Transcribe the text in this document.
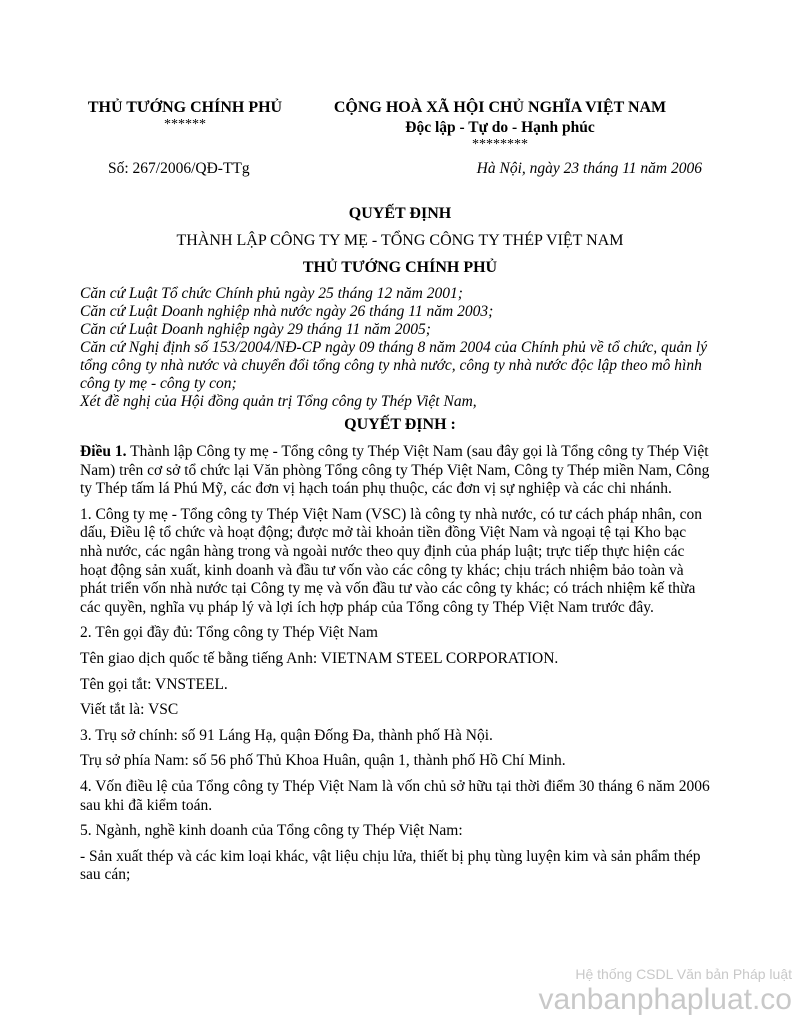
THỦ TƯỚNG CHÍNH PHỦ
******
CỘNG HOÀ XÃ HỘI CHỦ NGHĨA VIỆT NAM
Độc lập - Tự do - Hạnh phúc
********
Số: 267/2006/QĐ-TTg	Hà Nội, ngày 23 tháng 11 năm 2006
QUYẾT ĐỊNH
THÀNH LẬP CÔNG TY MẸ - TỔNG CÔNG TY THÉP VIỆT NAM
THỦ TƯỚNG CHÍNH PHỦ
Căn cứ Luật Tổ chức Chính phủ ngày 25 tháng 12 năm 2001;
Căn cứ Luật Doanh nghiệp nhà nước ngày 26 tháng 11 năm 2003;
Căn cứ Luật Doanh nghiệp ngày 29 tháng 11 năm 2005;
Căn cứ Nghị định số 153/2004/NĐ-CP ngày 09 tháng 8 năm 2004 của Chính phủ về tổ chức, quản lý tổng công ty nhà nước và chuyển đổi tổng công ty nhà nước, công ty nhà nước độc lập theo mô hình công ty mẹ - công ty con;
Xét đề nghị của Hội đồng quản trị Tổng công ty Thép Việt Nam,
QUYẾT ĐỊNH :

Điều 1. Thành lập Công ty mẹ - Tổng công ty Thép Việt Nam (sau đây gọi là Tổng công ty Thép Việt Nam) trên cơ sở tổ chức lại Văn phòng Tổng công ty Thép Việt Nam, Công ty Thép miền Nam, Công ty Thép tấm lá Phú Mỹ, các đơn vị hạch toán phụ thuộc, các đơn vị sự nghiệp và các chi nhánh.

1. Công ty mẹ - Tổng công ty Thép Việt Nam (VSC) là công ty nhà nước, có tư cách pháp nhân, con dấu, Điều lệ tổ chức và hoạt động; được mở tài khoản tiền đồng Việt Nam và ngoại tệ tại Kho bạc nhà nước, các ngân hàng trong và ngoài nước theo quy định của pháp luật; trực tiếp thực hiện các hoạt động sản xuất, kinh doanh và đầu tư vốn vào các công ty khác; chịu trách nhiệm bảo toàn và phát triển vốn nhà nước tại Công ty mẹ và vốn đầu tư vào các công ty khác; có trách nhiệm kế thừa các quyền, nghĩa vụ pháp lý và lợi ích hợp pháp của Tổng công ty Thép Việt Nam trước đây.

2. Tên gọi đầy đủ: Tổng công ty Thép Việt Nam

Tên giao dịch quốc tế bằng tiếng Anh: VIETNAM STEEL CORPORATION.

Tên gọi tắt: VNSTEEL.

Viết tắt là: VSC

3. Trụ sở chính: số 91 Láng Hạ, quận Đống Đa, thành phố Hà Nội.

Trụ sở phía Nam: số 56 phố Thủ Khoa Huân, quận 1, thành phố Hồ Chí Minh.

4. Vốn điều lệ của Tổng công ty Thép Việt Nam là vốn chủ sở hữu tại thời điểm 30 tháng 6 năm 2006 sau khi đã kiểm toán.

5. Ngành, nghề kinh doanh của Tổng công ty Thép Việt Nam:

- Sản xuất thép và các kim loại khác, vật liệu chịu lửa, thiết bị phụ tùng luyện kim và sản phẩm thép sau cán;

Hệ thống CSDL Văn bản Pháp luật
vanbanphapluat.co
